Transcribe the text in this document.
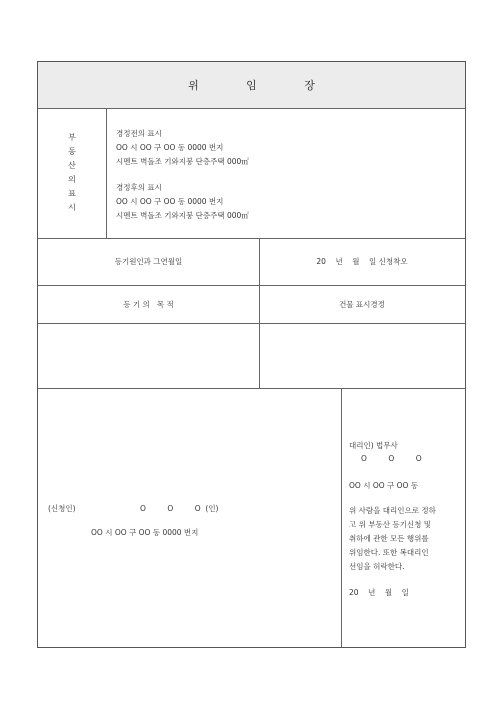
위 임 장
부
동
산
의
표
시
경정전의 표시
OO 시 OO 구 OO 동 0000 번지
시멘트 벽돌조 기와지붕 단층주택 000㎡
경정후의 표시
OO 시 OO 구 OO 동 0000 번지
시멘트 벽돌조 기와지붕 단층주택 000㎡
등기원인과 그연월일	20    년    월    일 신청착오
등 기 의   목 적	건물 표시경정
(신청인)	O         O         O  (인)
OO 시 OO 구 OO 동 0000 번지
대리인) 법무사
O         O         O
OO 시 OO 구 OO 동
위 사람을 대리인으로 정하
고 위 부동산 등기신청 및
취하에 관한 모든 행위를
위임한다. 또한 복대리인
선임을 허락한다.
20    년    월    일
